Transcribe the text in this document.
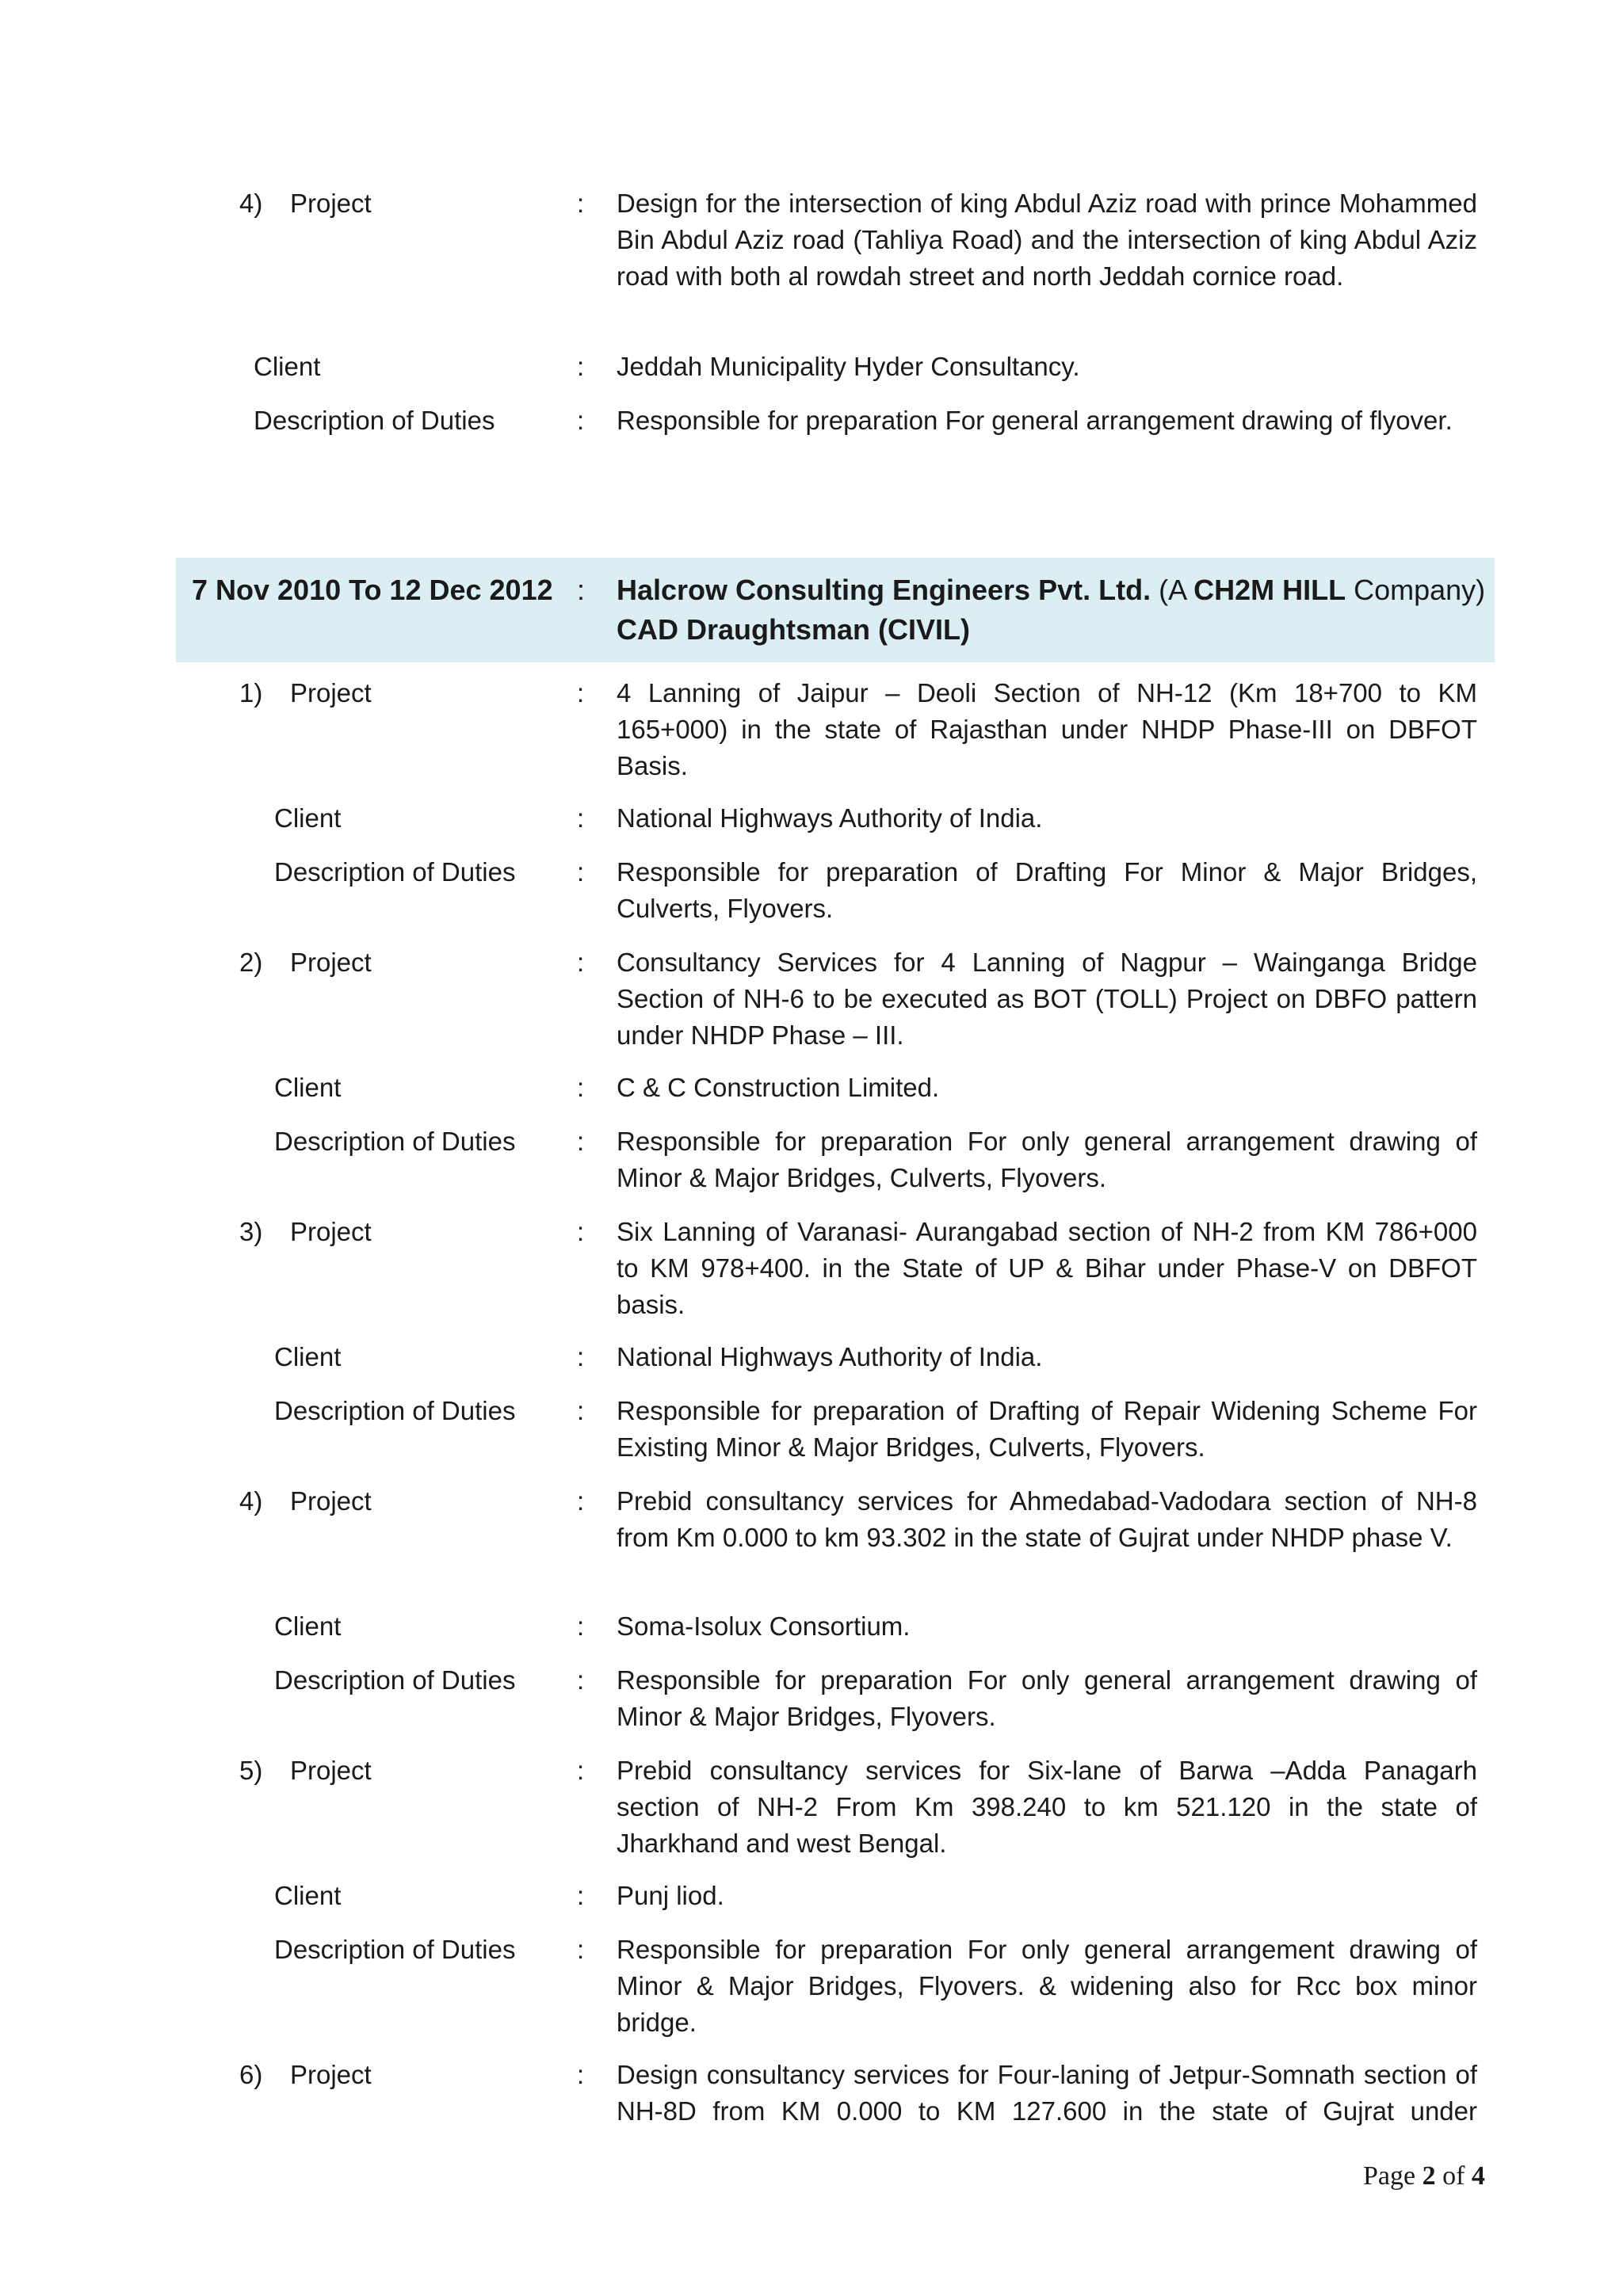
4) Project	: Design for the intersection of king Abdul Aziz road with prince Mohammed Bin Abdul Aziz road (Tahliya Road) and the intersection of king Abdul Aziz road with both al rowdah street and north Jeddah cornice road.
Client	: Jeddah Municipality Hyder Consultancy.
Description of Duties	: Responsible for preparation For general arrangement drawing of flyover.
7 Nov 2010 To 12 Dec 2012 : Halcrow Consulting Engineers Pvt. Ltd. (A CH2M HILL Company)
CAD Draughtsman (CIVIL)
1) Project	: 4 Lanning of Jaipur – Deoli Section of NH-12 (Km 18+700 to KM 165+000) in the state of Rajasthan under NHDP Phase-III on DBFOT Basis.
Client	: National Highways Authority of India.
Description of Duties : Responsible for preparation of Drafting For Minor & Major Bridges, Culverts, Flyovers.
2) Project	: Consultancy Services for 4 Lanning of Nagpur – Wainganga Bridge Section of NH-6 to be executed as BOT (TOLL) Project on DBFO pattern under NHDP Phase – III.
Client	: C & C Construction Limited.
Description of Duties : Responsible for preparation For only general arrangement drawing of Minor & Major Bridges, Culverts, Flyovers.
3) Project	: Six Lanning of Varanasi- Aurangabad section of NH-2 from KM 786+000 to KM 978+400. in the State of UP & Bihar under Phase-V on DBFOT basis.
Client	: National Highways Authority of India.
Description of Duties : Responsible for preparation of Drafting of Repair Widening Scheme For Existing Minor & Major Bridges, Culverts, Flyovers.
4) Project	: Prebid consultancy services for Ahmedabad-Vadodara section of NH-8 from Km 0.000 to km 93.302 in the state of Gujrat under NHDP phase V.
Client	: Soma-Isolux Consortium.
Description of Duties : Responsible for preparation For only general arrangement drawing of Minor & Major Bridges, Flyovers.
5) Project	: Prebid consultancy services for Six-lane of Barwa –Adda Panagarh section of NH-2 From Km 398.240 to km 521.120 in the state of Jharkhand and west Bengal.
Client	: Punj liod.
Description of Duties : Responsible for preparation For only general arrangement drawing of Minor & Major Bridges, Flyovers. & widening also for Rcc box minor bridge.
6) Project	: Design consultancy services for Four-laning of Jetpur-Somnath section of NH-8D from KM 0.000 to KM 127.600 in the state of Gujrat under
Page 2 of 4
